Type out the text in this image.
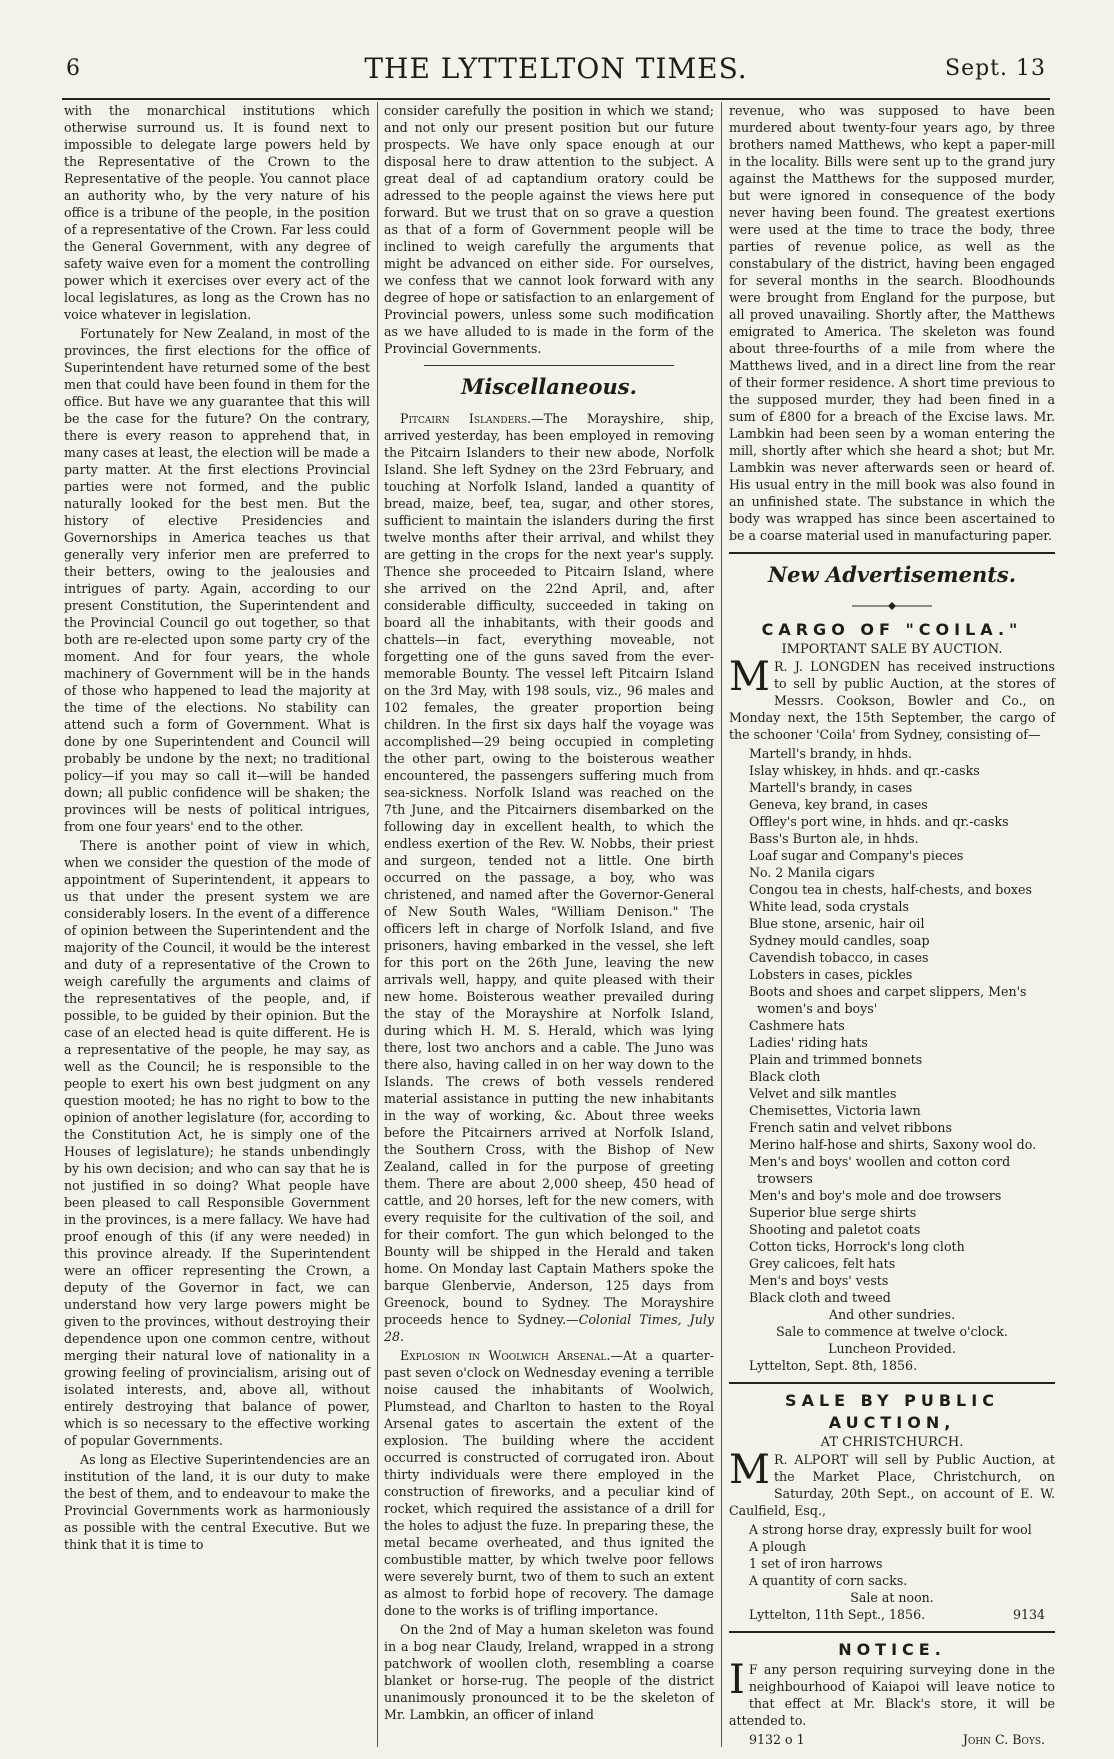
6	THE LYTTELTON TIMES.	Sept. 13

with the monarchical institutions which otherwise surround us. It is found next to impossible to delegate large powers held by the Representative of the Crown to the Representative of the people. You cannot place an authority who, by the very nature of his office is a tribune of the people, in the position of a representative of the Crown. Far less could the General Government, with any degree of safety waive even for a moment the controlling power which it exercises over every act of the local legislatures, as long as the Crown has no voice whatever in legislation.

Fortunately for New Zealand, in most of the provinces, the first elections for the office of Superintendent have returned some of the best men that could have been found in them for the office. But have we any guarantee that this will be the case for the future? On the contrary, there is every reason to apprehend that, in many cases at least, the election will be made a party matter. At the first elections Provincial parties were not formed, and the public naturally looked for the best men. But the history of elective Presidencies and Governorships in America teaches us that generally very inferior men are preferred to their betters, owing to the jealousies and intrigues of party. Again, according to our present Constitution, the Superintendent and the Provincial Council go out together, so that both are re-elected upon some party cry of the moment. And for four years, the whole machinery of Government will be in the hands of those who happened to lead the majority at the time of the elections. No stability can attend such a form of Government. What is done by one Superintendent and Council will probably be undone by the next; no traditional policy—if you may so call it—will be handed down; all public confidence will be shaken; the provinces will be nests of political intrigues, from one four years' end to the other.

There is another point of view in which, when we consider the question of the mode of appointment of Superintendent, it appears to us that under the present system we are considerably losers. In the event of a difference of opinion between the Superintendent and the majority of the Council, it would be the interest and duty of a representative of the Crown to weigh carefully the arguments and claims of the representatives of the people, and, if possible, to be guided by their opinion. But the case of an elected head is quite different. He is a representative of the people, he may say, as well as the Council; he is responsible to the people to exert his own best judgment on any question mooted; he has no right to bow to the opinion of another legislature (for, according to the Constitution Act, he is simply one of the Houses of legislature); he stands unbendingly by his own decision; and who can say that he is not justified in so doing? What people have been pleased to call Responsible Government in the provinces, is a mere fallacy. We have had proof enough of this (if any were needed) in this province already. If the Superintendent were an officer representing the Crown, a deputy of the Governor in fact, we can understand how very large powers might be given to the provinces, without destroying their dependence upon one common centre, without merging their natural love of nationality in a growing feeling of provincialism, arising out of isolated interests, and, above all, without entirely destroying that balance of power, which is so necessary to the effective working of popular Governments.

As long as Elective Superintendencies are an institution of the land, it is our duty to make the best of them, and to endeavour to make the Provincial Governments work as harmoniously as possible with the central Executive. But we think that it is time to

consider carefully the position in which we stand; and not only our present position but our future prospects. We have only space enough at our disposal here to draw attention to the subject. A great deal of ad captandium oratory could be adressed to the people against the views here put forward. But we trust that on so grave a question as that of a form of Government people will be inclined to weigh carefully the arguments that might be advanced on either side. For ourselves, we confess that we cannot look forward with any degree of hope or satisfaction to an enlargement of Provincial powers, unless some such modification as we have alluded to is made in the form of the Provincial Governments.

Miscellaneous.

Pitcairn Islanders.—The Morayshire, ship, arrived yesterday, has been employed in removing the Pitcairn Islanders to their new abode, Norfolk Island. She left Sydney on the 23rd February, and touching at Norfolk Island, landed a quantity of bread, maize, beef, tea, sugar, and other stores, sufficient to maintain the islanders during the first twelve months after their arrival, and whilst they are getting in the crops for the next year's supply. Thence she proceeded to Pitcairn Island, where she arrived on the 22nd April, and, after considerable difficulty, succeeded in taking on board all the inhabitants, with their goods and chattels—in fact, everything moveable, not forgetting one of the guns saved from the ever-memorable Bounty. The vessel left Pitcairn Island on the 3rd May, with 198 souls, viz., 96 males and 102 females, the greater proportion being children. In the first six days half the voyage was accomplished—29 being occupied in completing the other part, owing to the boisterous weather encountered, the passengers suffering much from sea-sickness. Norfolk Island was reached on the 7th June, and the Pitcairners disembarked on the following day in excellent health, to which the endless exertion of the Rev. W. Nobbs, their priest and surgeon, tended not a little. One birth occurred on the passage, a boy, who was christened, and named after the Governor-General of New South Wales, "William Denison." The officers left in charge of Norfolk Island, and five prisoners, having embarked in the vessel, she left for this port on the 26th June, leaving the new arrivals well, happy, and quite pleased with their new home. Boisterous weather prevailed during the stay of the Morayshire at Norfolk Island, during which H. M. S. Herald, which was lying there, lost two anchors and a cable. The Juno was there also, having called in on her way down to the Islands. The crews of both vessels rendered material assistance in putting the new inhabitants in the way of working, &c. About three weeks before the Pitcairners arrived at Norfolk Island, the Southern Cross, with the Bishop of New Zealand, called in for the purpose of greeting them. There are about 2,000 sheep, 450 head of cattle, and 20 horses, left for the new comers, with every requisite for the cultivation of the soil, and for their comfort. The gun which belonged to the Bounty will be shipped in the Herald and taken home. On Monday last Captain Mathers spoke the barque Glenbervie, Anderson, 125 days from Greenock, bound to Sydney. The Morayshire proceeds hence to Sydney.—Colonial Times, July 28.

Explosion in Woolwich Arsenal.—At a quarter-past seven o'clock on Wednesday evening a terrible noise caused the inhabitants of Woolwich, Plumstead, and Charlton to hasten to the Royal Arsenal gates to ascertain the extent of the explosion. The building where the accident occurred is constructed of corrugated iron. About thirty individuals were there employed in the construction of fireworks, and a peculiar kind of rocket, which required the assistance of a drill for the holes to adjust the fuze. In preparing these, the metal became overheated, and thus ignited the combustible matter, by which twelve poor fellows were severely burnt, two of them to such an extent as almost to forbid hope of recovery. The damage done to the works is of trifling importance.

On the 2nd of May a human skeleton was found in a bog near Claudy, Ireland, wrapped in a strong patchwork of woollen cloth, resembling a coarse blanket or horse-rug. The people of the district unanimously pronounced it to be the skeleton of Mr. Lambkin, an officer of inland

revenue, who was supposed to have been murdered about twenty-four years ago, by three brothers named Matthews, who kept a paper-mill in the locality. Bills were sent up to the grand jury against the Matthews for the supposed murder, but were ignored in consequence of the body never having been found. The greatest exertions were used at the time to trace the body, three parties of revenue police, as well as the constabulary of the district, having been engaged for several months in the search. Bloodhounds were brought from England for the purpose, but all proved unavailing. Shortly after, the Matthews emigrated to America. The skeleton was found about three-fourths of a mile from where the Matthews lived, and in a direct line from the rear of their former residence. A short time previous to the supposed murder, they had been fined in a sum of £800 for a breach of the Excise laws. Mr. Lambkin had been seen by a woman entering the mill, shortly after which she heard a shot; but Mr. Lambkin was never afterwards seen or heard of. His usual entry in the mill book was also found in an unfinished state. The substance in which the body was wrapped has since been ascertained to be a coarse material used in manufacturing paper.

New Advertisements.
CARGO OF "COILA."
IMPORTANT SALE BY AUCTION.

M R. J. LONGDEN has received instructions to sell by public Auction, at the stores of Messrs. Cookson, Bowler and Co., on Monday next, the 15th September, the cargo of the schooner 'Coila' from Sydney, consisting of—

Martell's brandy, in hhds.
Islay whiskey, in hhds. and qr.-casks
Martell's brandy, in cases
Geneva, key brand, in cases
Offley's port wine, in hhds. and qr.-casks
Bass's Burton ale, in hhds.
Loaf sugar and Company's pieces
No. 2 Manila cigars
Congou tea in chests, half-chests, and boxes
White lead, soda crystals
Blue stone, arsenic, hair oil
Sydney mould candles, soap
Cavendish tobacco, in cases
Lobsters in cases, pickles
Boots and shoes and carpet slippers, Men's women's and boys'
Cashmere hats
Ladies' riding hats
Plain and trimmed bonnets
Black cloth
Velvet and silk mantles
Chemisettes, Victoria lawn
French satin and velvet ribbons
Merino half-hose and shirts, Saxony wool do.
Men's and boys' woollen and cotton cord trowsers
Men's and boy's mole and doe trowsers
Superior blue serge shirts
Shooting and paletot coats
Cotton ticks, Horrock's long cloth
Grey calicoes, felt hats
Men's and boys' vests
Black cloth and tweed
And other sundries.
Sale to commence at twelve o'clock.
Luncheon Provided.
Lyttelton, Sept. 8th, 1856.
SALE BY PUBLIC AUCTION,
AT CHRISTCHURCH.

M R. ALPORT will sell by Public Auction, at the Market Place, Christchurch, on Saturday, 20th Sept., on account of E. W. Caulfield, Esq.,

A strong horse dray, expressly built for wool
A plough
1 set of iron harrows
A quantity of corn sacks.
Sale at noon.
Lyttelton, 11th Sept., 1856.	9134
NOTICE.

I F any person requiring surveying done in the neighbourhood of Kaiapoi will leave notice to that effect at Mr. Black's store, it will be attended to.

9132 o 1	John C. Boys.
